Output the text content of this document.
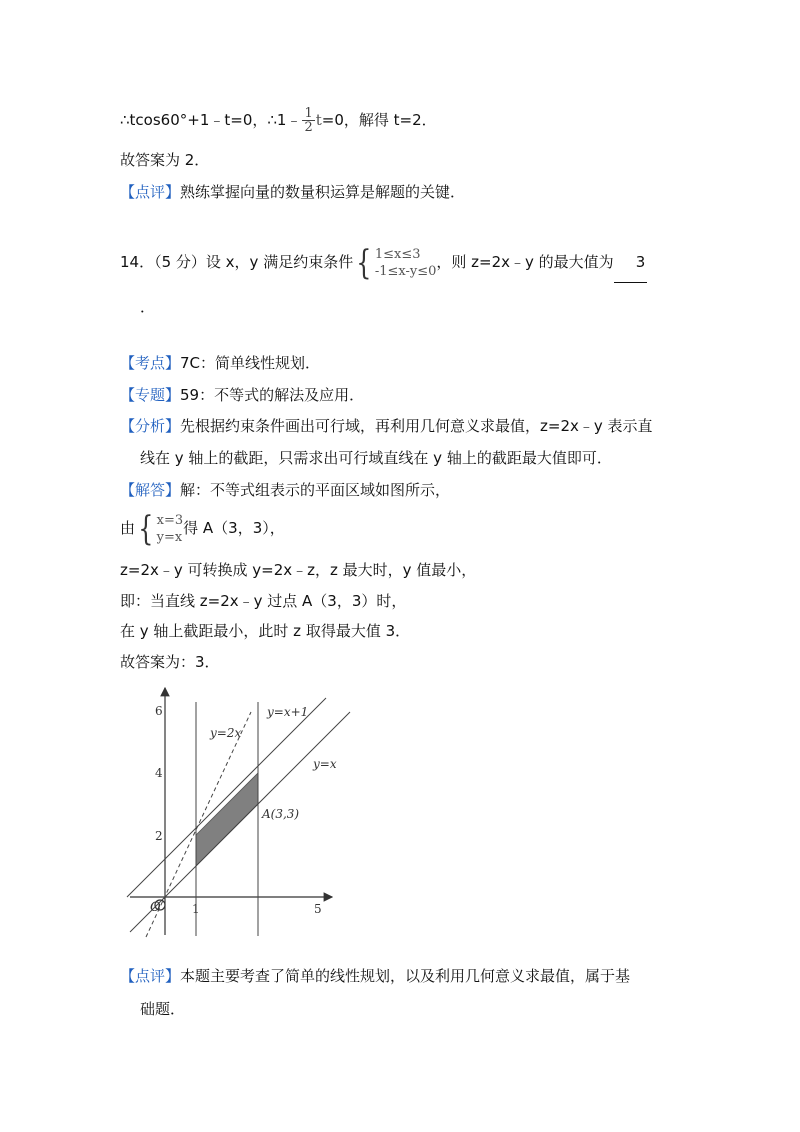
∴tcos60°+1﹣t=0，∴1﹣ $\frac{1}{2} t=0$，解得 t=2．
故答案为 2．
【点评】熟练掌握向量的数量积运算是解题的关键．
14．（5 分）设 x，y 满足约束条件{ 1≤x≤3
-1≤x-y≤0
，则 z=2x﹣y 的最大值为 3
．
【考点】7C：简单线性规划．
【专题】59：不等式的解法及应用．
【分析】先根据约束条件画出可行域，再利用几何意义求最值，z=2x﹣y 表示直
线在 y 轴上的截距，只需求出可行域直线在 y 轴上的截距最大值即可．
【解答】解：不等式组表示的平面区域如图所示，
由{ x=3
y=x
得 A（3，3），
z=2x﹣y 可转换成 y=2x﹣z，z 最大时，y 值最小，
即：当直线 z=2x﹣y 过点 A（3，3）时，
在 y 轴上截距最小，此时 z 取得最大值 3．
故答案为：3．
O	1	5
2
4
6
y=2x
y=x+1
y=x
A(3,3)
【点评】本题主要考查了简单的线性规划，以及利用几何意义求最值，属于基
础题．
